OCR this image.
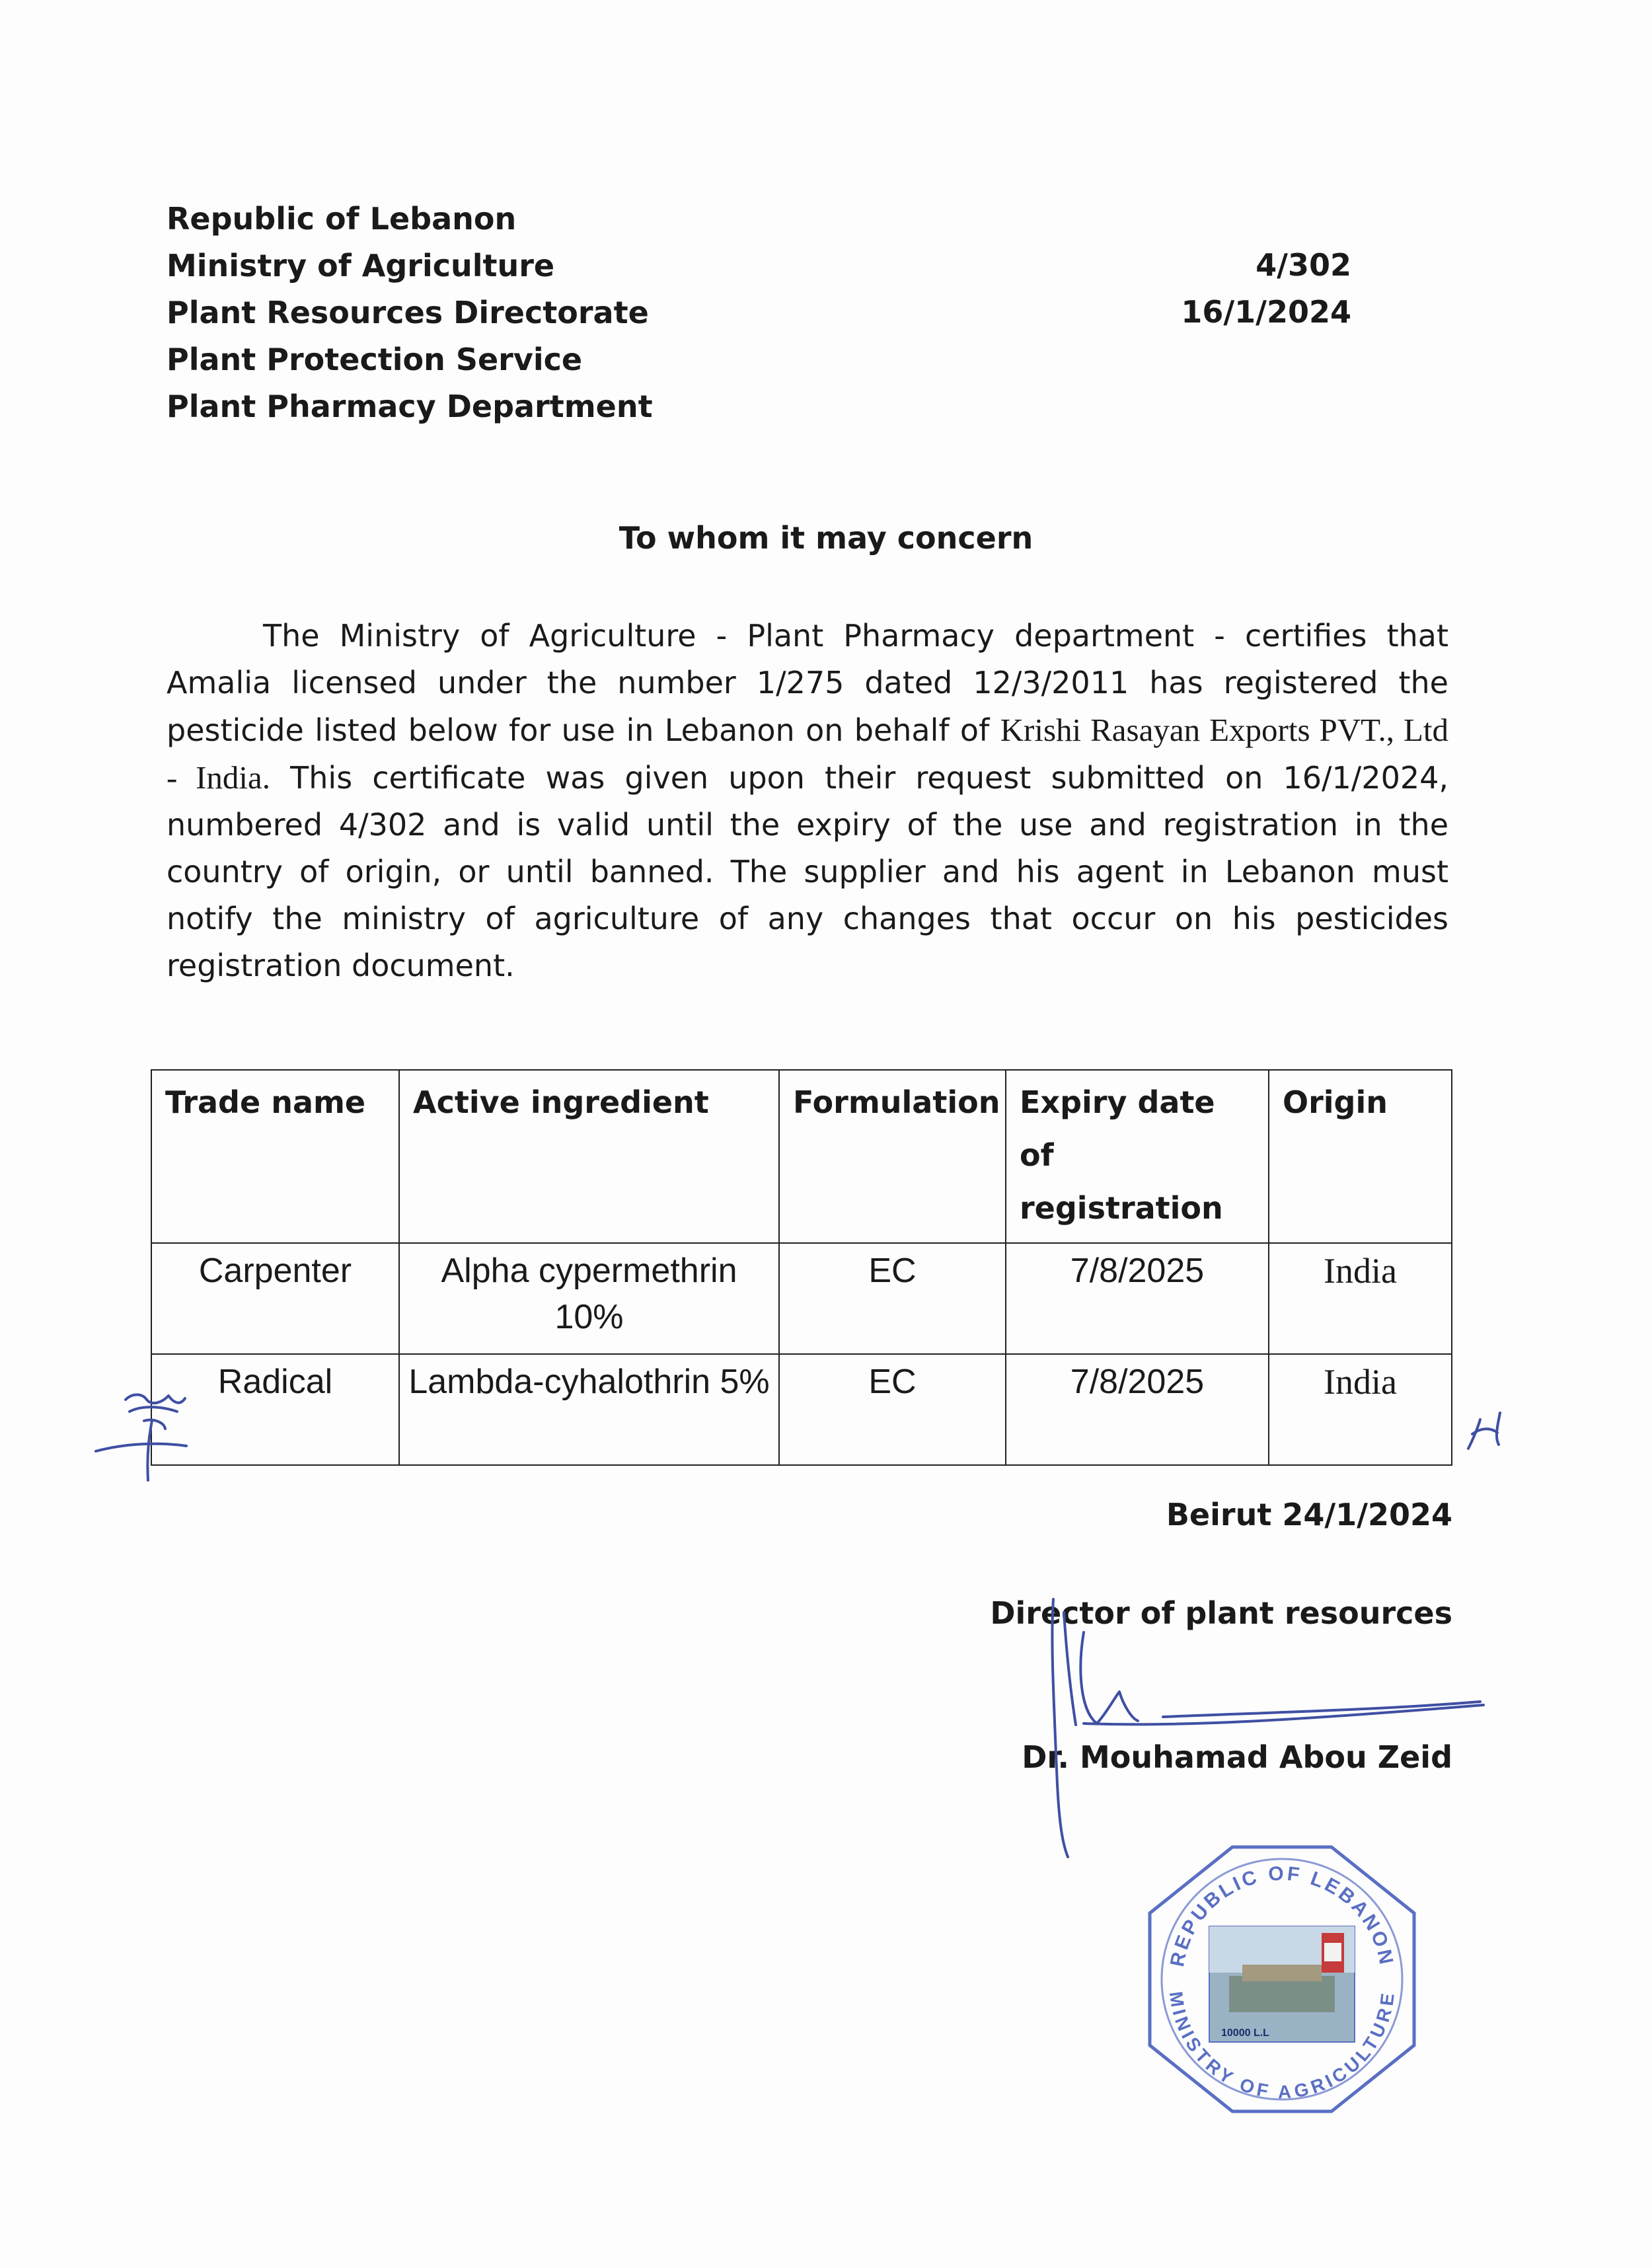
Republic of Lebanon
Ministry of Agriculture
Plant Resources Directorate
Plant Protection Service
Plant Pharmacy Department
4/302
16/1/2024
To whom it may concern
The Ministry of Agriculture - Plant Pharmacy department - certifies that Amalia licensed under the number 1/275 dated 12/3/2011 has registered the pesticide listed below for use in Lebanon on behalf of Krishi Rasayan Exports PVT., Ltd - India. This certificate was given upon their request submitted on 16/1/2024, numbered 4/302 and is valid until the expiry of the use and registration in the country of origin, or until banned. The supplier and his agent in Lebanon must notify the ministry of agriculture of any changes that occur on his pesticides registration document.
Trade name	Active ingredient	Formulation	Expiry date of registration	Origin
Carpenter	Alpha cypermethrin 10%	EC	7/8/2025	India
Radical	Lambda-cyhalothrin 5%	EC	7/8/2025	India
Beirut 24/1/2024
Director of plant resources
Dr. Mouhamad Abou Zeid
REPUBLIC OF LEBANON
MINISTRY OF AGRICULTURE
10000 L.L
